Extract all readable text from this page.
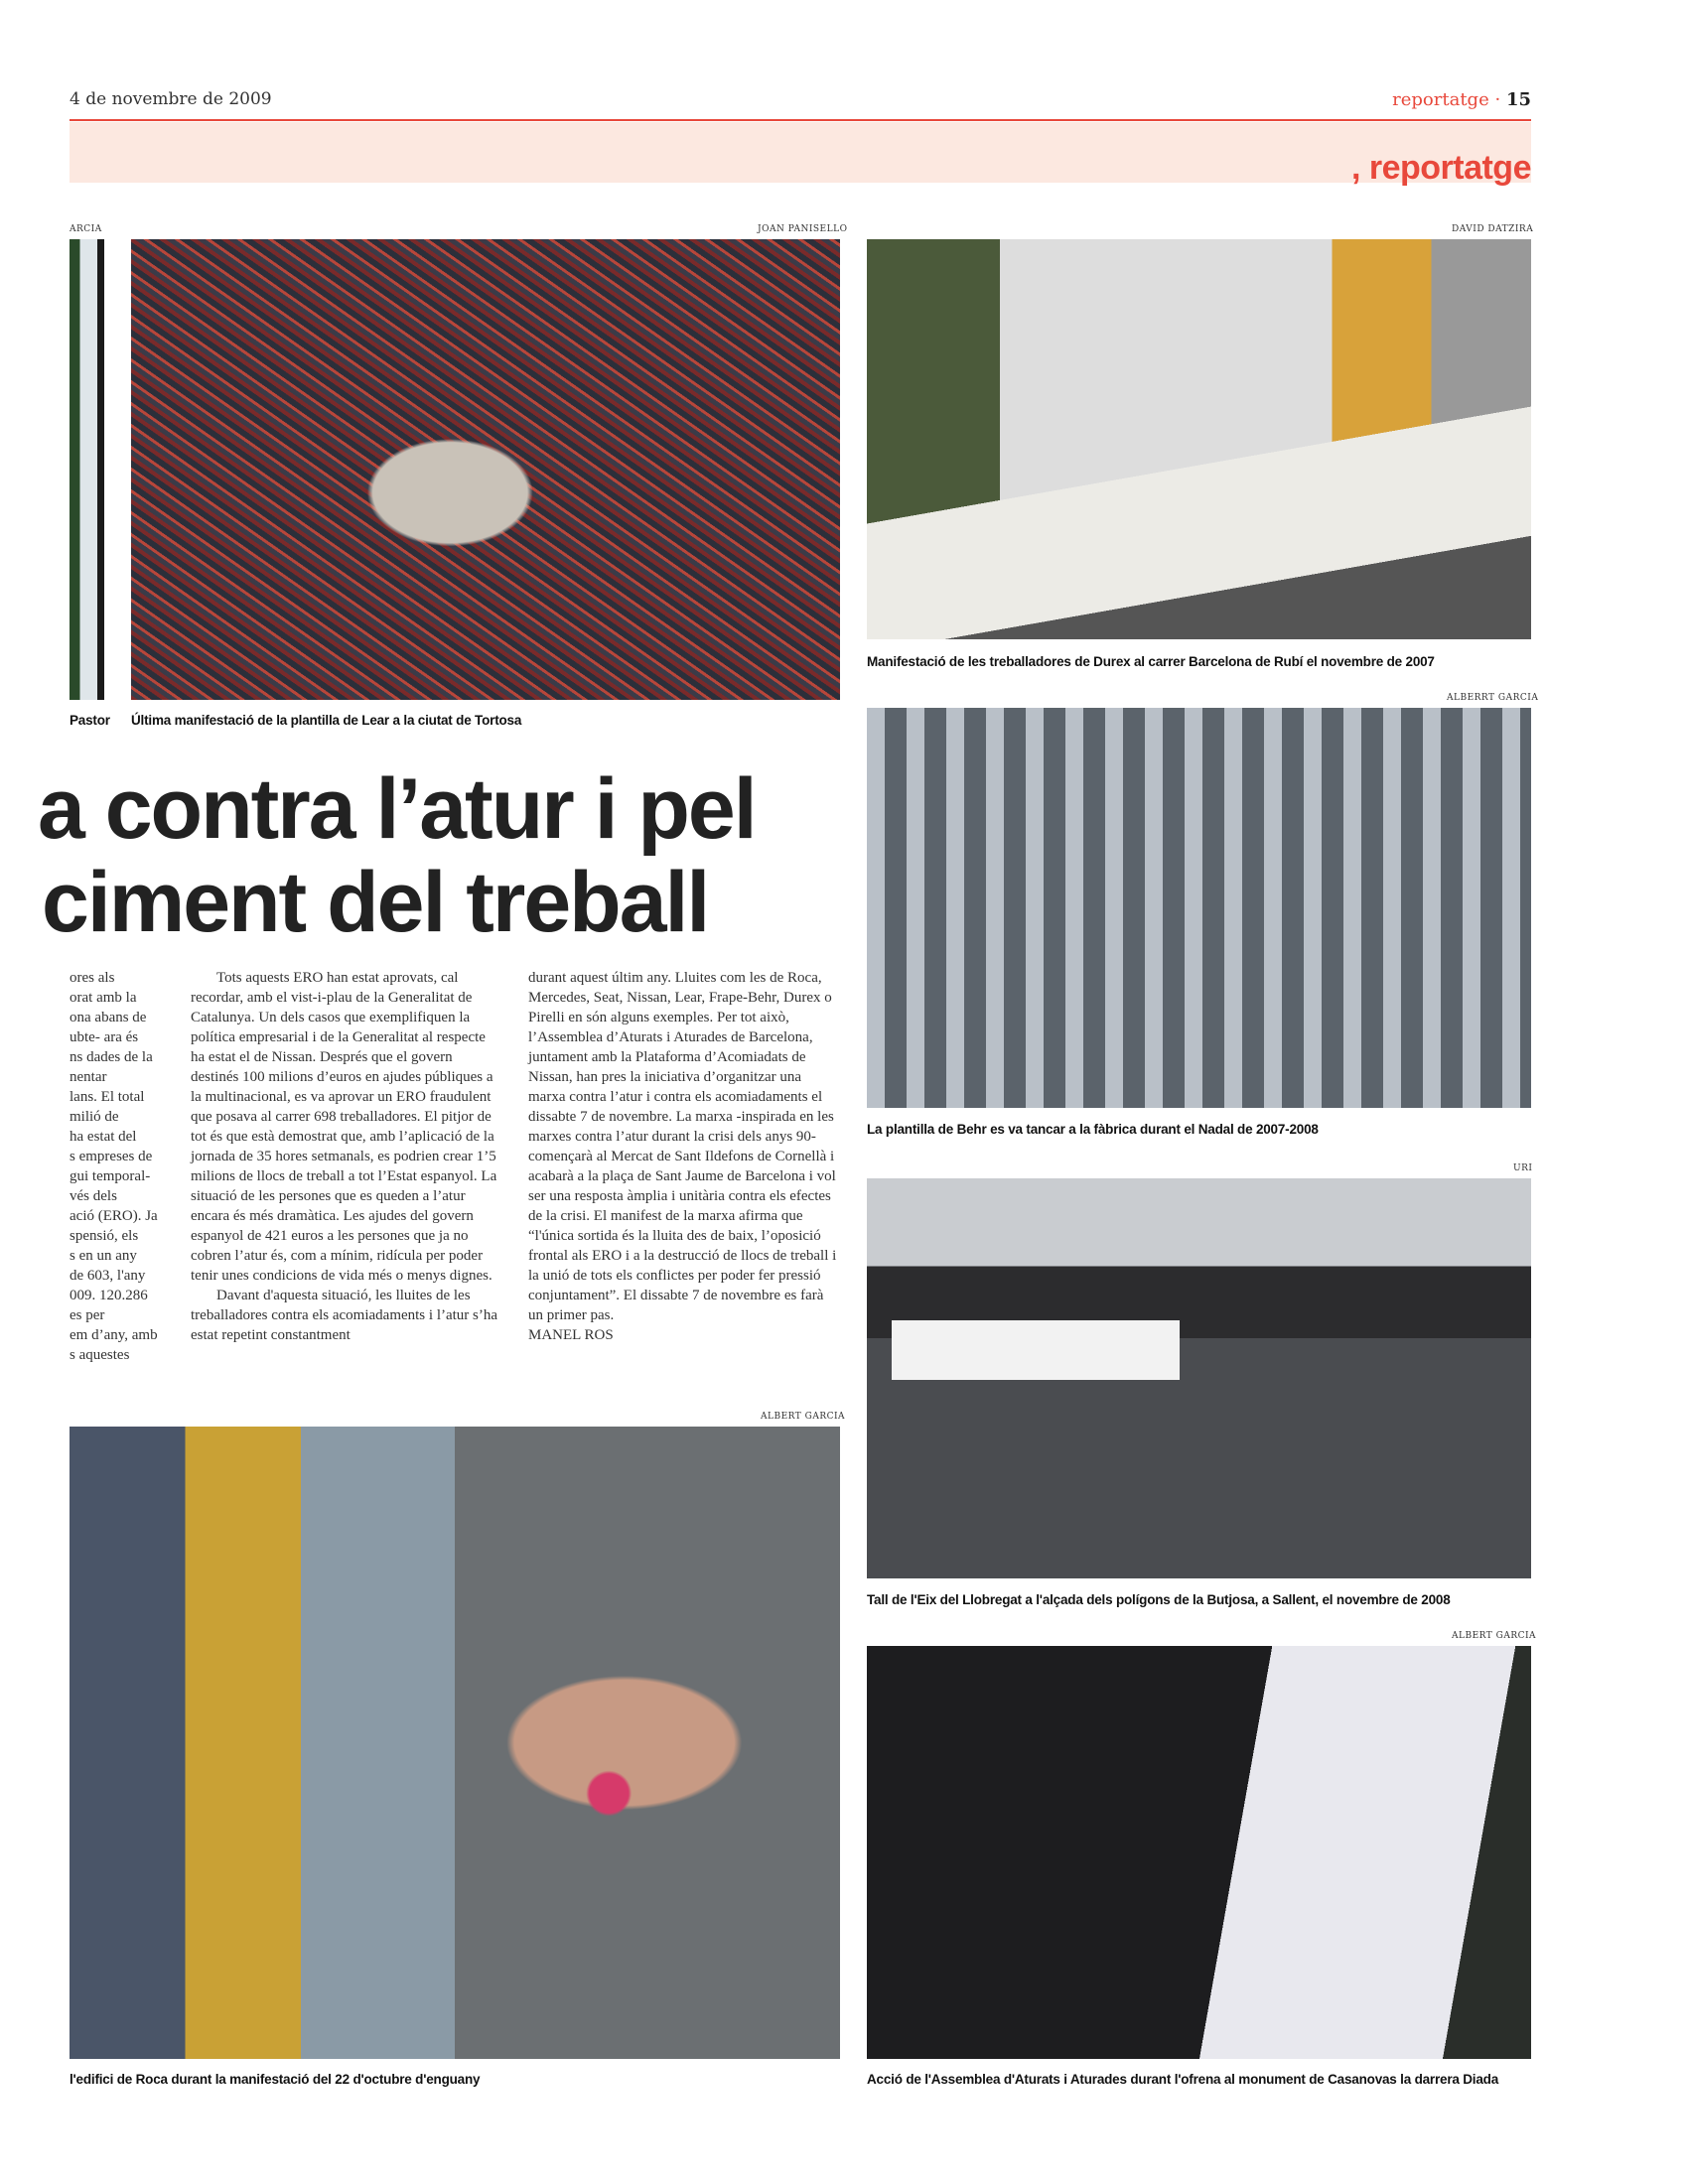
4 de novembre de 2009	reportatge · 15
, reportatge
ARCIA
Pastor
JOAN PANISELLO
Última manifestació de la plantilla de Lear a la ciutat de Tortosa
a contra l’atur i pel
ciment del treball
ores als
orat amb la
ona abans de
ubte- ara és
ns dades de la
nentar
lans. El total
milió de
ha estat del
s empreses de
gui temporal-
vés dels
ació (ERO). Ja
spensió, els
s en un any
de 603, l'any
009. 120.286
es per
em d’any, amb
s aquestes

Tots aquests ERO han estat aprovats, cal recordar, amb el vist-i-plau de la Generalitat de Catalunya. Un dels casos que exemplifiquen la política empresarial i de la Generalitat al respecte ha estat el de Nissan. Després que el govern destinés 100 milions d’euros en ajudes públiques a la multinacional, es va aprovar un ERO fraudulent que posava al carrer 698 treballadores. El pitjor de tot és que està demostrat que, amb l’aplicació de la jornada de 35 hores setmanals, es podrien crear 1’5 milions de llocs de treball a tot l’Estat espanyol. La situació de les persones que es queden a l’atur encara és més dramàtica. Les ajudes del govern espanyol de 421 euros a les persones que ja no cobren l’atur és, com a mínim, ridícula per poder tenir unes condicions de vida més o menys dignes.

Davant d'aquesta situació, les lluites de les treballadores contra els acomiadaments i l’atur s’ha estat repetint constantment

durant aquest últim any. Lluites com les de Roca, Mercedes, Seat, Nissan, Lear, Frape-Behr, Durex o Pirelli en són alguns exemples. Per tot això, l’Assemblea d’Aturats i Aturades de Barcelona, juntament amb la Plataforma d’Acomiadats de Nissan, han pres la iniciativa d’organitzar una marxa contra l’atur i contra els acomiadaments el dissabte 7 de novembre. La marxa -inspirada en les marxes contra l’atur durant la crisi dels anys 90- començarà al Mercat de Sant Ildefons de Cornellà i acabarà a la plaça de Sant Jaume de Barcelona i vol ser una resposta àmplia i unitària contra els efectes de la crisi. El manifest de la marxa afirma que “l'única sortida és la lluita des de baix, l’oposició frontal als ERO i a la destrucció de llocs de treball i la unió de tots els conflictes per poder fer pressió conjuntament”. El dissabte 7 de novembre es farà un primer pas.

MANEL ROS

ALBERT GARCIA
l'edifici de Roca durant la manifestació del 22 d'octubre d'enguany
DAVID DATZIRA
Manifestació de les treballadores de Durex al carrer Barcelona de Rubí el novembre de 2007
ALBERRT GARCIA
La plantilla de Behr es va tancar a la fàbrica durant el Nadal de 2007-2008
URI
Tall de l'Eix del Llobregat a l'alçada dels polígons de la Butjosa, a Sallent, el novembre de 2008
ALBERT GARCIA
Acció de l'Assemblea d'Aturats i Aturades durant l'ofrena al monument de Casanovas la darrera Diada
